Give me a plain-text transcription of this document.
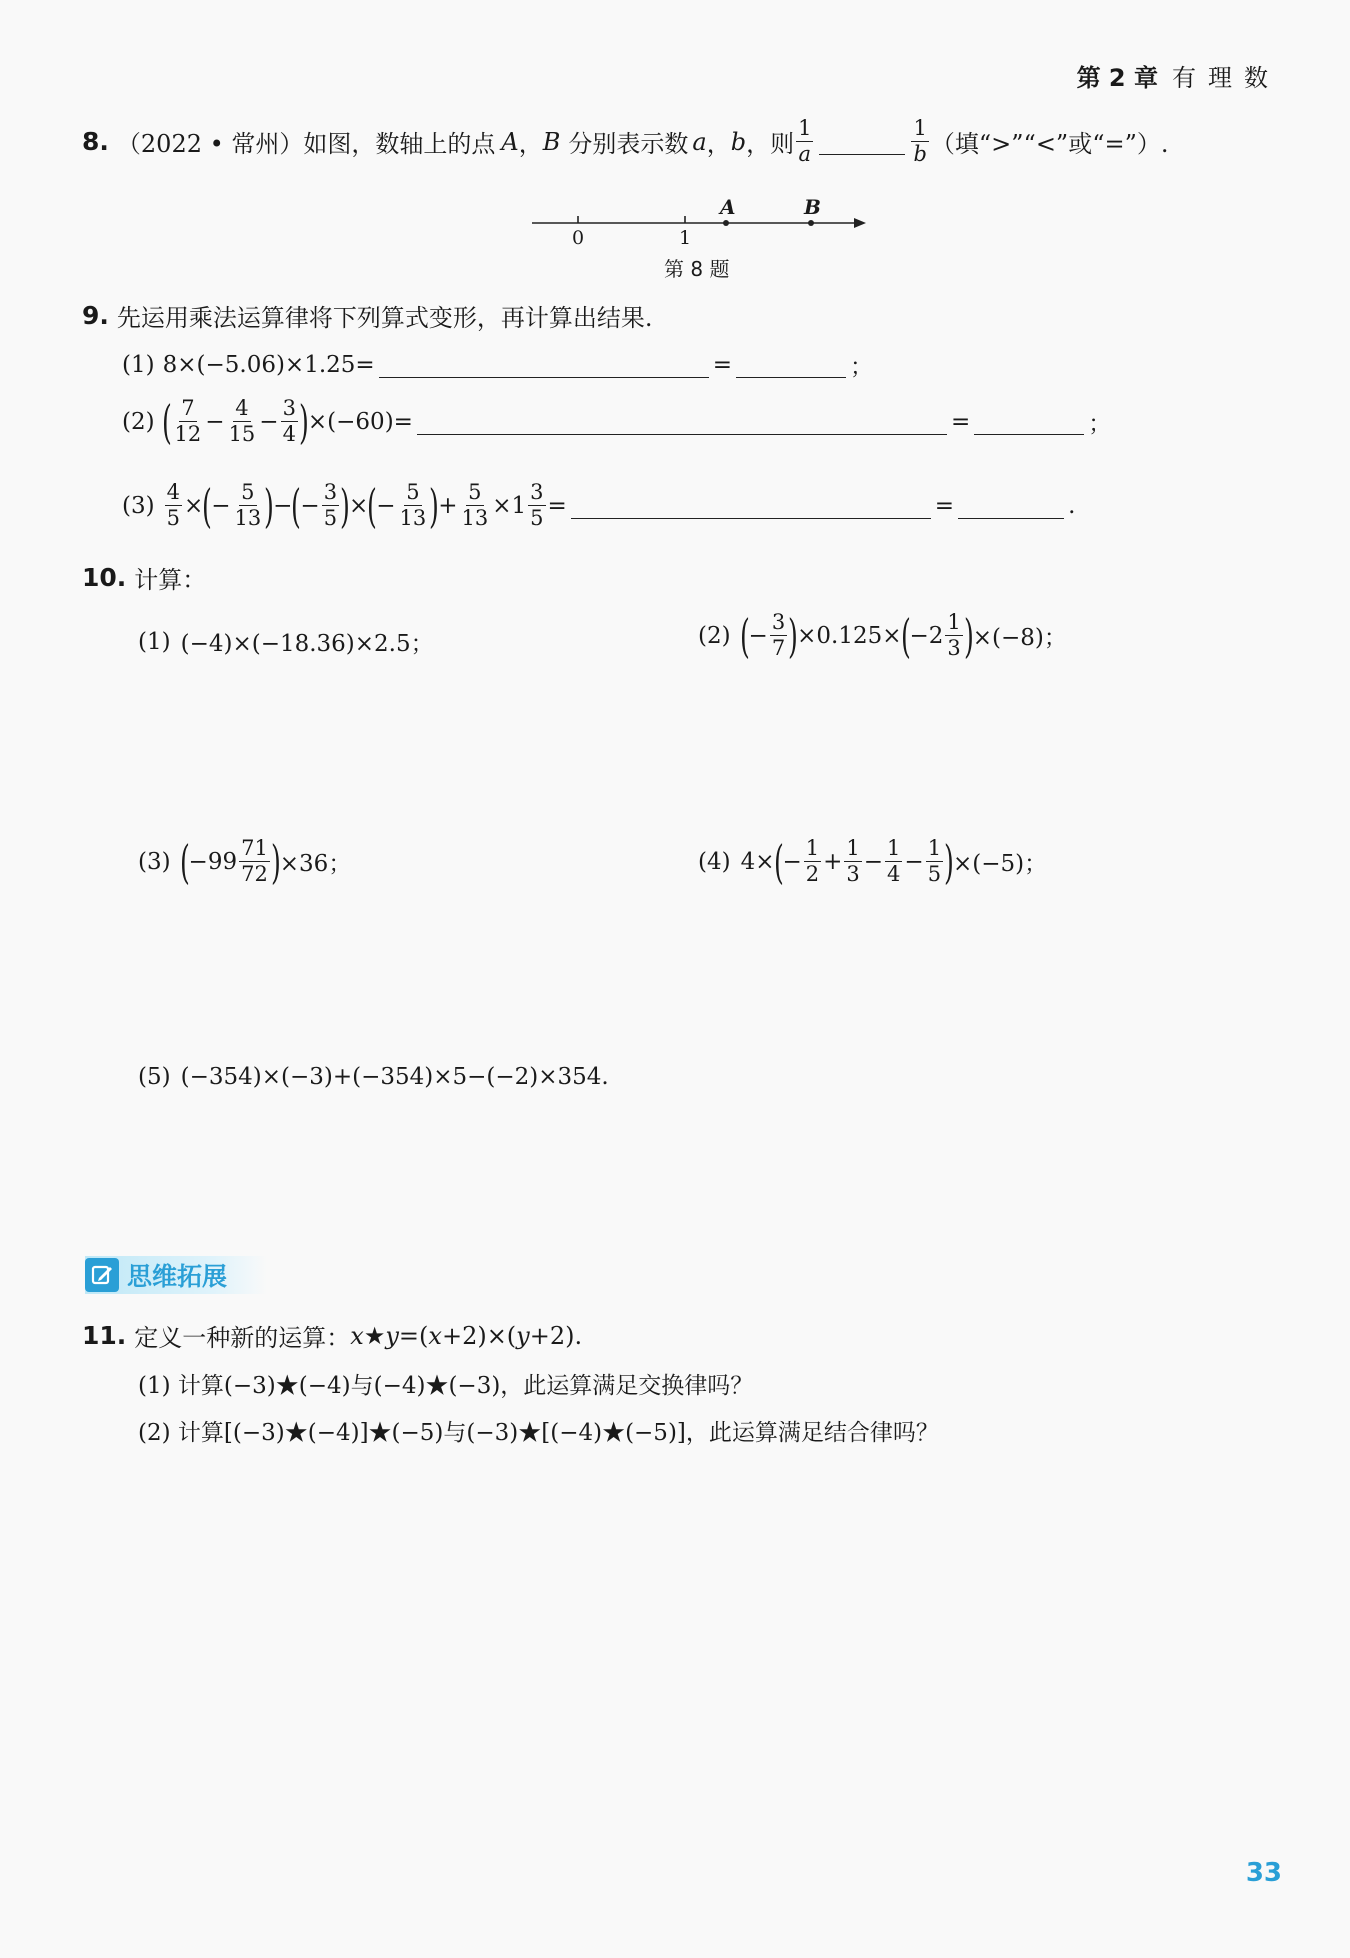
第 2 章 有理数
8. （2022 • 常州）如图，数轴上的点 A ， B 分别表示数 a ， b ，则 $\frac{1}{a}$	$\frac{1}{b}$ （填“>”“<”或“=”）.
A	B
0	1
第 8 题
9. 先运用乘法运算律将下列算式变形，再计算出结果.
(1) 8×(−5.06)×1.25=	=	；
(2) ( $\frac{7}{12} - \frac{4}{15} - \frac{3}{4}$ ) ×(−60)=	=	；
$(3) \frac{4}{5}$ × ( − $\frac{5}{13}$ ) − ( − $\frac{3}{5}$ ) × ( − $\frac{5}{13}$ ) + $\frac{5}{13} \times 1 \frac{3}{5}$ =	=	.
10. 计算：
(1) (−4)×(−18.36)×2.5；	(2) ( − $\frac{3}{7}$ ) ×0.125× ( $-2 \frac{1}{3}$ ) ×(−8)；
(3) ( $-99 \frac{71}{72}$ ) ×36；	(4) 4× ( − $\frac{1}{2} + \frac{1}{3} - \frac{1}{4} - \frac{1}{5}$ ) ×(−5)；
(5) (−354)×(−3)+(−354)×5−(−2)×354.
思维拓展
11. 定义一种新的运算： x ★ y =( x +2)×( y +2).
(1) 计算(−3)★(−4)与(−4)★(−3)，此运算满足交换律吗？
(2) 计算[(−3)★(−4)]★(−5)与(−3)★[(−4)★(−5)]，此运算满足结合律吗？
33
